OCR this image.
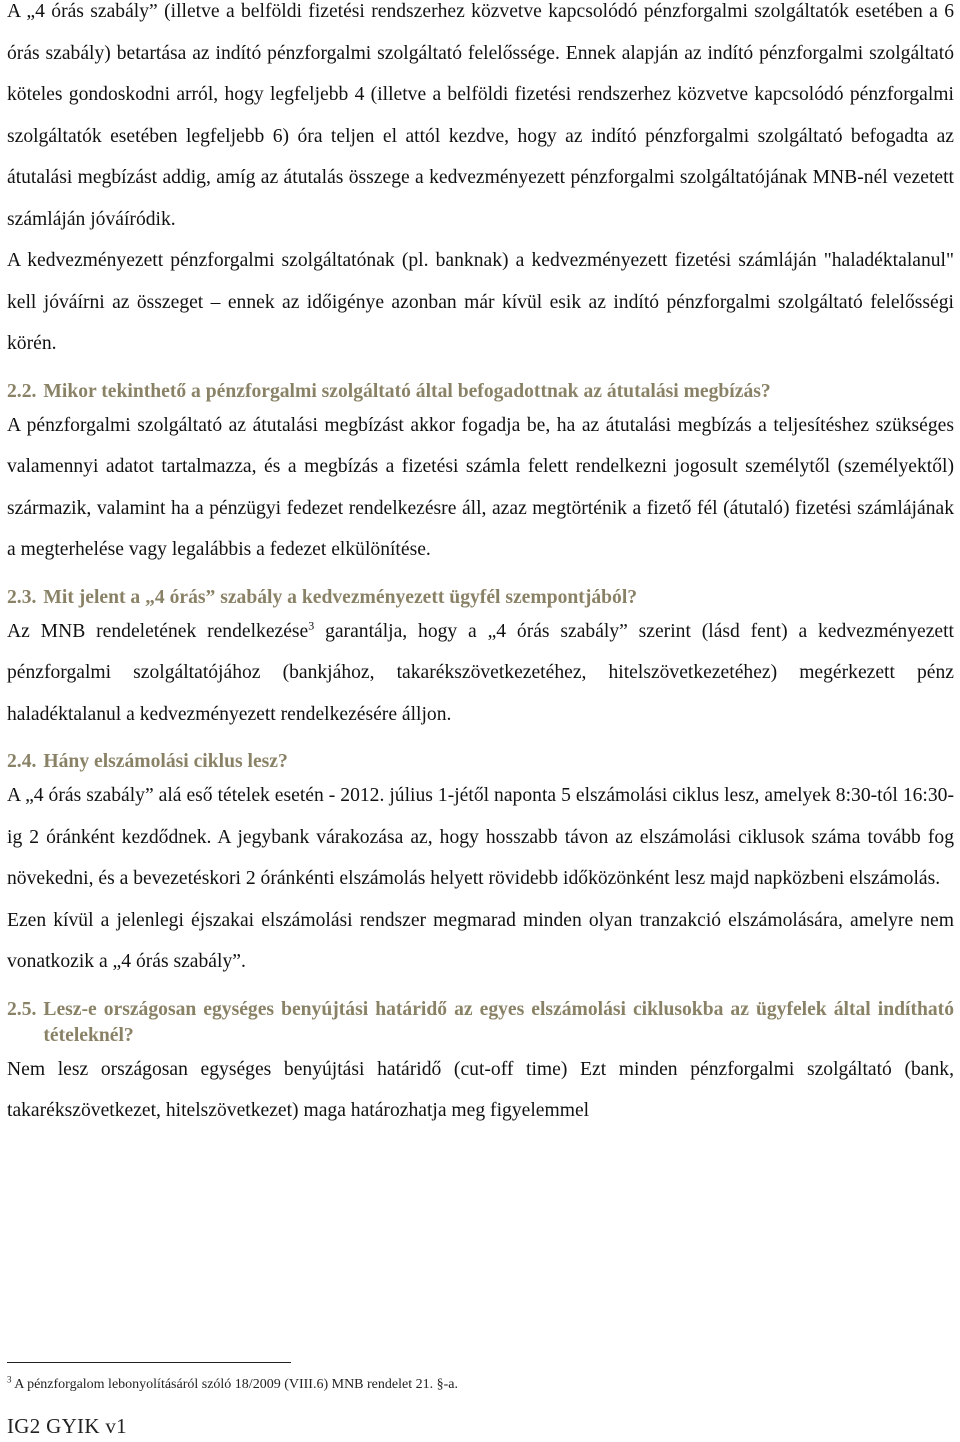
A „4 órás szabály” (illetve a belföldi fizetési rendszerhez közvetve kapcsolódó pénzforgalmi szolgáltatók esetében a 6 órás szabály) betartása az indító pénzforgalmi szolgáltató felelőssége. Ennek alapján az indító pénzforgalmi szolgáltató köteles gondoskodni arról, hogy legfeljebb 4 (illetve a belföldi fizetési rendszerhez közvetve kapcsolódó pénzforgalmi szolgáltatók esetében legfeljebb 6) óra teljen el attól kezdve, hogy az indító pénzforgalmi szolgáltató befogadta az átutalási megbízást addig, amíg az átutalás összege a kedvezményezett pénzforgalmi szolgáltatójának MNB-nél vezetett számláján jóváíródik.

A kedvezményezett pénzforgalmi szolgáltatónak (pl. banknak) a kedvezményezett fizetési számláján "haladéktalanul" kell jóváírni az összeget – ennek az időigénye azonban már kívül esik az indító pénzforgalmi szolgáltató felelősségi körén.

2.2. Mikor tekinthető a pénzforgalmi szolgáltató által befogadottnak az átutalási megbízás?

A pénzforgalmi szolgáltató az átutalási megbízást akkor fogadja be, ha az átutalási megbízás a teljesítéshez szükséges valamennyi adatot tartalmazza, és a megbízás a fizetési számla felett rendelkezni jogosult személytől (személyektől) származik, valamint ha a pénzügyi fedezet rendelkezésre áll, azaz megtörténik a fizető fél (átutaló) fizetési számlájának a megterhelése vagy legalábbis a fedezet elkülönítése.

2.3. Mit jelent a „4 órás” szabály a kedvezményezett ügyfél szempontjából?

Az MNB rendeletének rendelkezése$^3$ garantálja, hogy a „4 órás szabály” szerint (lásd fent) a kedvezményezett pénzforgalmi szolgáltatójához (bankjához, takarékszövetkezetéhez, hitelszövetkezetéhez) megérkezett pénz haladéktalanul a kedvezményezett rendelkezésére álljon.

2.4. Hány elszámolási ciklus lesz?

A „4 órás szabály” alá eső tételek esetén - 2012. július 1-jétől naponta 5 elszámolási ciklus lesz, amelyek 8:30-tól 16:30-ig 2 óránként kezdődnek. A jegybank várakozása az, hogy hosszabb távon az elszámolási ciklusok száma tovább fog növekedni, és a bevezetéskori 2 óránkénti elszámolás helyett rövidebb időközönként lesz majd napközbeni elszámolás.

Ezen kívül a jelenlegi éjszakai elszámolási rendszer megmarad minden olyan tranzakció elszámolására, amelyre nem vonatkozik a „4 órás szabály”.

2.5. Lesz-e országosan egységes benyújtási határidő az egyes elszámolási ciklusokba az ügyfelek által indítható tételeknél?

Nem lesz országosan egységes benyújtási határidő (cut-off time) Ezt minden pénzforgalmi szolgáltató (bank, takarékszövetkezet, hitelszövetkezet) maga határozhatja meg figyelemmel

$^3$ A pénzforgalom lebonyolításáról szóló 18/2009 (VIII.6) MNB rendelet 21. §-a.
IG2 GYIK v1
